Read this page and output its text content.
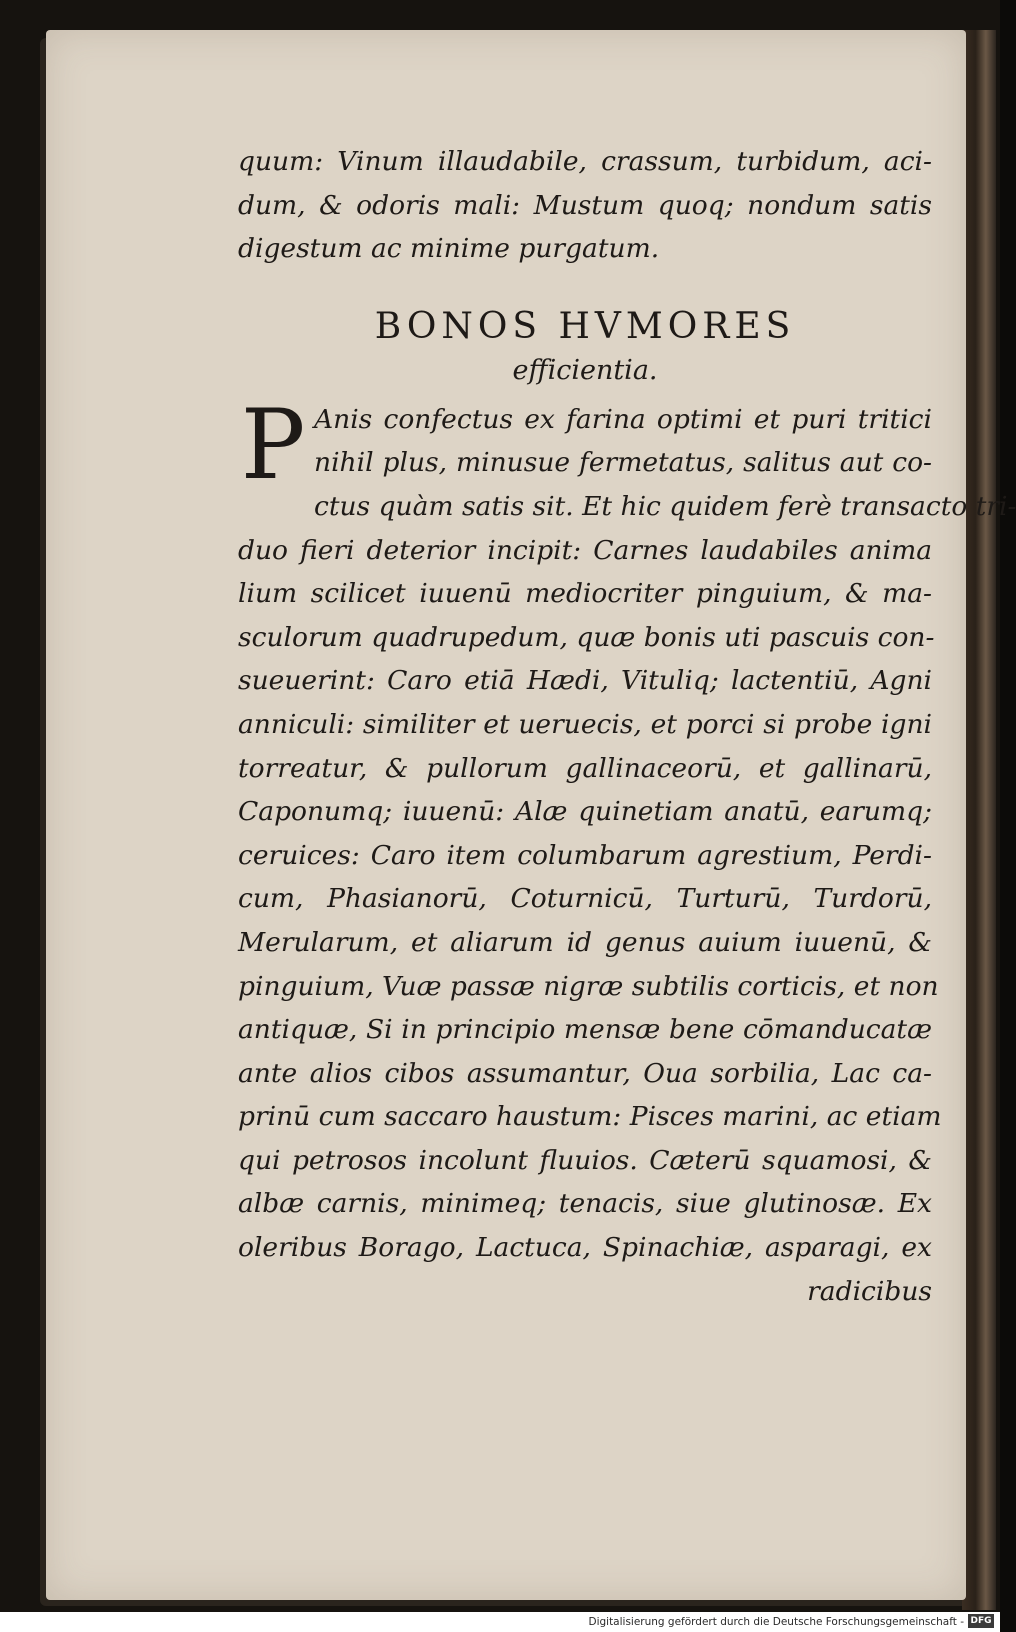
quum: Vinum illaudabile, crassum, turbidum, aci-
dum, & odoris mali: Mustum quoq; nondum satis
digestum ac minime purgatum.
BONOS HVMORES
efficientia.
P Anis confectus ex farina optimi et puri tritici
nihil plus, minusue fermetatus, salitus aut co-
ctus quàm satis sit. Et hic quidem ferè transacto tri-
duo fieri deterior incipit: Carnes laudabiles anima
lium scilicet iuuenū mediocriter pinguium, & ma-
sculorum quadrupedum, quæ bonis uti pascuis con-
sueuerint: Caro etiā Hædi, Vituliq; lactentiū, Agni
anniculi: similiter et ueruecis, et porci si probe igni
torreatur, & pullorum gallinaceorū, et gallinarū,
Caponumq; iuuenū: Alæ quinetiam anatū, earumq;
ceruices: Caro item columbarum agrestium, Perdi-
cum, Phasianorū, Coturnicū, Turturū, Turdorū,
Merularum, et aliarum id genus auium iuuenū, &
pinguium, Vuæ passæ nigræ subtilis corticis, et non
antiquæ, Si in principio mensæ bene cōmanducatæ
ante alios cibos assumantur, Oua sorbilia, Lac ca-
prinū cum saccaro haustum: Pisces marini, ac etiam
qui petrosos incolunt fluuios. Cæterū squamosi, &
albæ carnis, minimeq; tenacis, siue glutinosæ. Ex
oleribus Borago, Lactuca, Spinachiæ, asparagi, ex
radicibus
Digitalisierung gefördert durch die Deutsche Forschungsgemeinschaft - DFG
